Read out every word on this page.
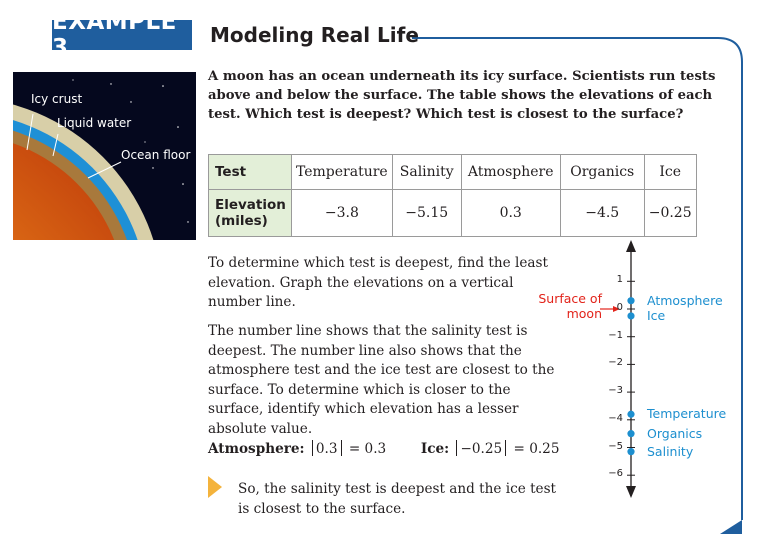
EXAMPLE 3	Modeling Real Life
Icy crust
Liquid water
Ocean floor
A moon has an ocean underneath its icy surface. Scientists run tests above and below the surface. The table shows the elevations of each test. Which test is deepest? Which test is closest to the surface?
Test	Temperature	Salinity	Atmosphere	Organics	Ice

Elevation
(miles)	−3.8	−5.15	0.3	−4.5	−0.25
To determine which test is deepest, find the least elevation. Graph the elevations on a vertical number line.
The number line shows that the salinity test is deepest. The number line also shows that the atmosphere test and the ice test are closest to the surface. To determine which is closer to the surface, identify which elevation has a lesser absolute value.
Atmosphere: 0.3 = 0.3	Ice: −0.25 = 0.25
So, the salinity test is deepest and the ice test is closest to the surface.
Surface of
moon
1
0
−1
−2
−3
−4
−5
−6
Atmosphere
Ice
Temperature
Organics
Salinity
